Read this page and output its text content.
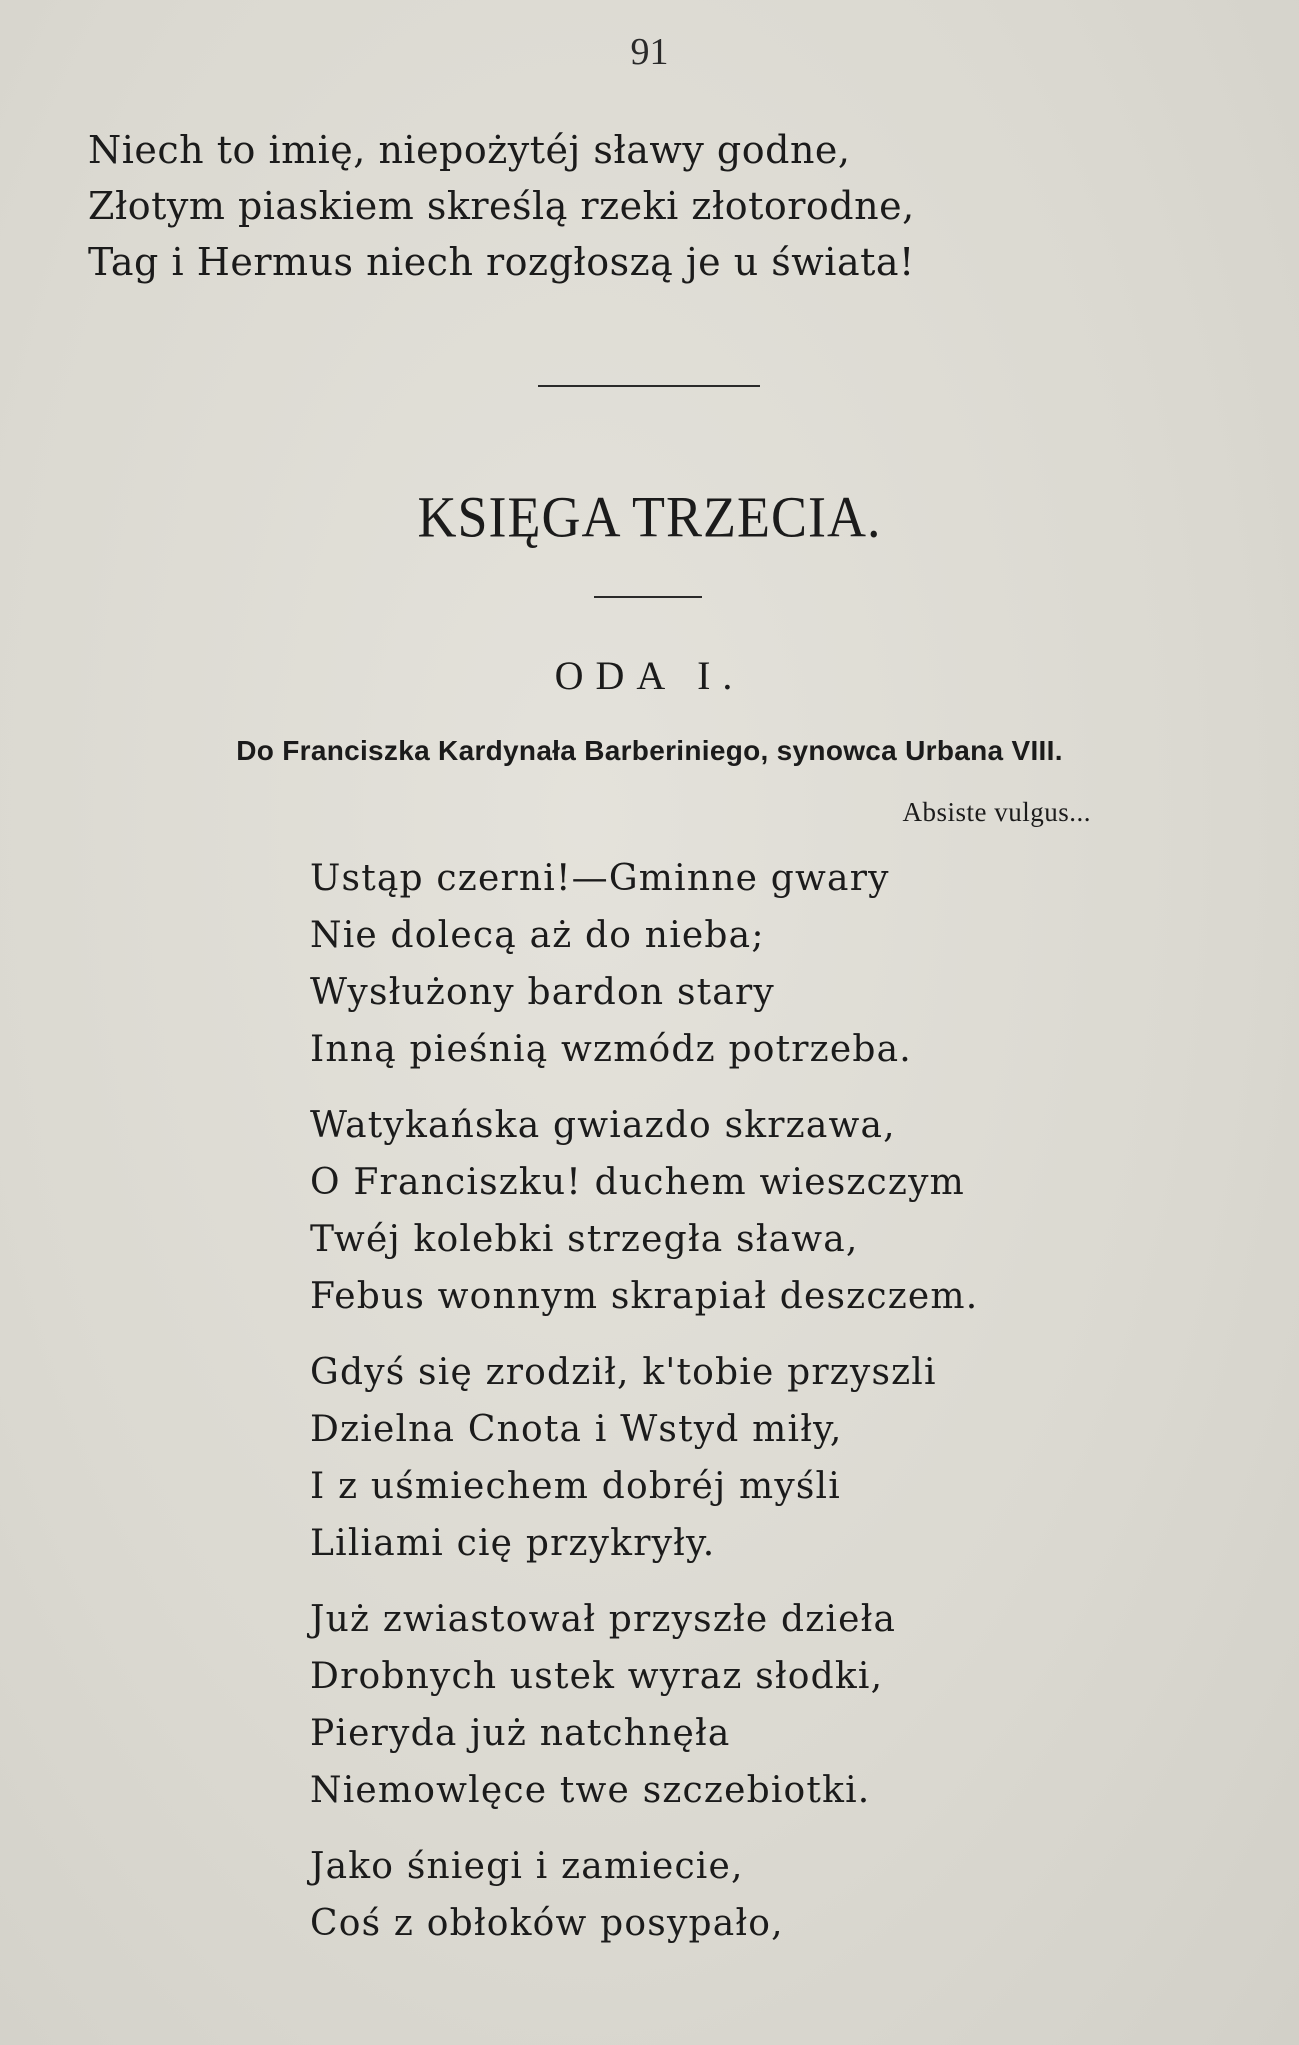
91
Niech to imię, niepożytéj sławy godne,
Złotym piaskiem skreślą rzeki złotorodne,
Tag i Hermus niech rozgłoszą je u świata!
KSIĘGA TRZECIA.
ODA I.
Do Franciszka Kardynała Barberiniego, synowca Urbana VIII.
Absiste vulgus...
Ustąp czerni!—Gminne gwary
Nie dolecą aż do nieba;
Wysłużony bardon stary
Inną pieśnią wzmódz potrzeba.
Watykańska gwiazdo skrzawa,
O Franciszku! duchem wieszczym
Twéj kolebki strzegła sława,
Febus wonnym skrapiał deszczem.
Gdyś się zrodził, k'tobie przyszli
Dzielna Cnota i Wstyd miły,
I z uśmiechem dobréj myśli
Liliami cię przykryły.
Już zwiastował przyszłe dzieła
Drobnych ustek wyraz słodki,
Pieryda już natchnęła
Niemowlęce twe szczebiotki.
Jako śniegi i zamiecie,
Coś z obłoków posypało,
